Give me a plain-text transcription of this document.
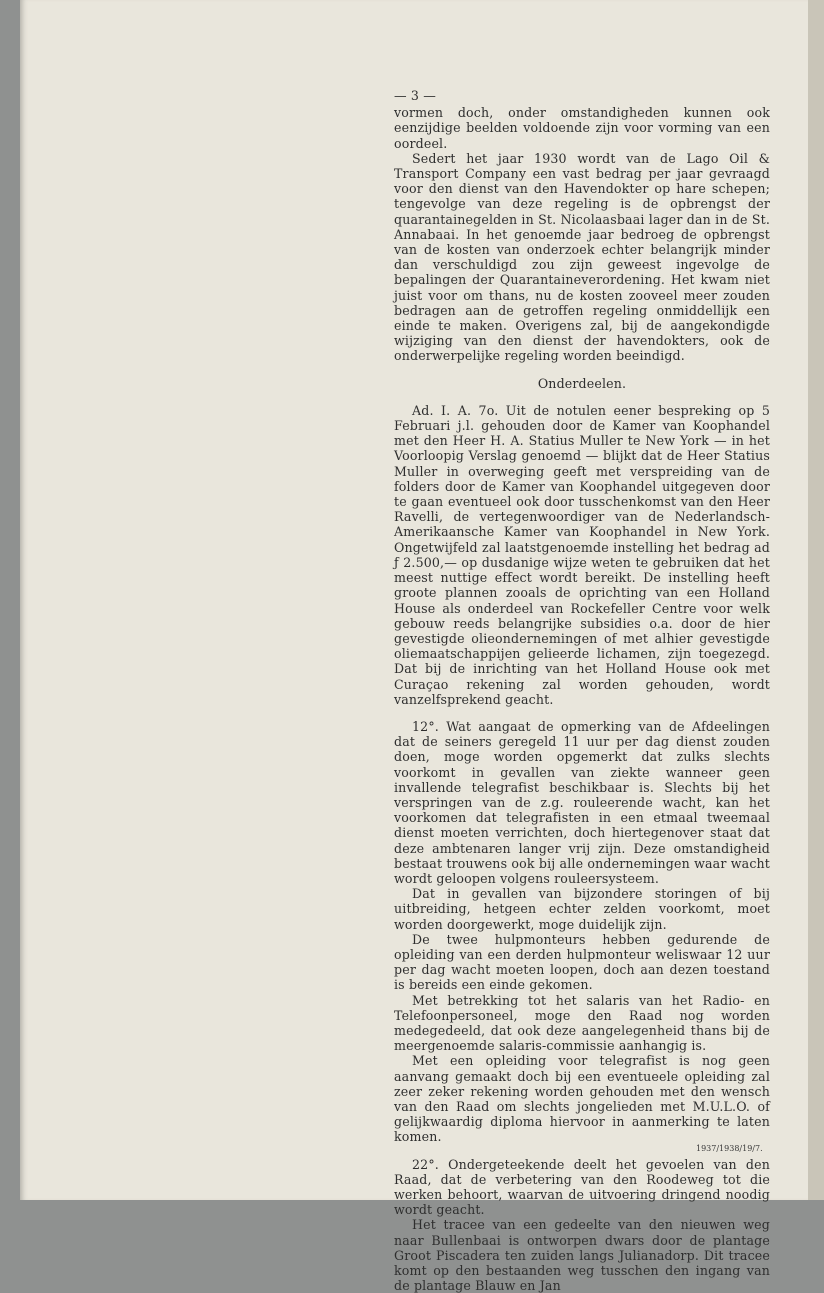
— 3 —

vormen doch, onder omstandigheden kunnen ook eenzijdige beelden voldoende zijn voor vorming van een oordeel.

Sedert het jaar 1930 wordt van de Lago Oil & Transport Company een vast bedrag per jaar gevraagd voor den dienst van den Havendokter op hare schepen; tengevolge van deze regeling is de opbrengst der quarantainegelden in St. Nicolaasbaai lager dan in de St. Annabaai. In het genoemde jaar bedroeg de opbrengst van de kosten van onderzoek echter belangrijk minder dan verschuldigd zou zijn geweest ingevolge de bepalingen der Quarantaineverordening. Het kwam niet juist voor om thans, nu de kosten zooveel meer zouden bedragen aan de getroffen regeling onmiddellijk een einde te maken. Overigens zal, bij de aangekondigde wijziging van den dienst der havendokters, ook de onderwerpelijke regeling worden beeindigd.

Onderdeelen.

Ad. I. A. 7o. Uit de notulen eener bespreking op 5 Februari j.l. gehouden door de Kamer van Koophandel met den Heer H. A. Statius Muller te New York — in het Voorloopig Verslag genoemd — blijkt dat de Heer Statius Muller in overweging geeft met verspreiding van de folders door de Kamer van Koophandel uitgegeven door te gaan eventueel ook door tusschenkomst van den Heer Ravelli, de vertegenwoordiger van de Nederlandsch-Amerikaansche Kamer van Koophandel in New York. Ongetwijfeld zal laatstgenoemde instelling het bedrag ad ƒ 2.500,— op dusdanige wijze weten te gebruiken dat het meest nuttige effect wordt bereikt. De instelling heeft groote plannen zooals de oprichting van een Holland House als onderdeel van Rockefeller Centre voor welk gebouw reeds belangrijke subsidies o.a. door de hier gevestigde olieondernemingen of met alhier gevestigde oliemaatschappijen gelieerde lichamen, zijn toegezegd. Dat bij de inrichting van het Holland House ook met Curaçao rekening zal worden gehouden, wordt vanzelfsprekend geacht.

12°. Wat aangaat de opmerking van de Afdeelingen dat de seiners geregeld 11 uur per dag dienst zouden doen, moge worden opgemerkt dat zulks slechts voorkomt in gevallen van ziekte wanneer geen invallende telegrafist beschikbaar is. Slechts bij het verspringen van de z.g. rouleerende wacht, kan het voorkomen dat telegrafisten in een etmaal tweemaal dienst moeten verrichten, doch hiertegenover staat dat deze ambtenaren langer vrij zijn. Deze omstandigheid bestaat trouwens ook bij alle ondernemingen waar wacht wordt geloopen volgens rouleersysteem.

Dat in gevallen van bijzondere storingen of bij uitbreiding, hetgeen echter zelden voorkomt, moet worden doorgewerkt, moge duidelijk zijn.

De twee hulpmonteurs hebben gedurende de opleiding van een derden hulpmonteur weliswaar 12 uur per dag wacht moeten loopen, doch aan dezen toestand is bereids een einde gekomen.

Met betrekking tot het salaris van het Radio- en Telefoonpersoneel, moge den Raad nog worden medegedeeld, dat ook deze aangelegenheid thans bij de meergenoemde salaris-commissie aanhangig is.

Met een opleiding voor telegrafist is nog geen aanvang gemaakt doch bij een eventueele opleiding zal zeer zeker rekening worden gehouden met den wensch van den Raad om slechts jongelieden met M.U.L.O. of gelijkwaardig diploma hiervoor in aanmerking te laten komen.

22°. Ondergeteekende deelt het gevoelen van den Raad, dat de verbetering van den Roodeweg tot die werken behoort, waarvan de uitvoering dringend noodig wordt geacht.

Het tracee van een gedeelte van den nieuwen weg naar Bullenbaai is ontworpen dwars door de plantage Groot Piscadera ten zuiden langs Julianadorp. Dit tracee komt op den bestaanden weg tusschen den ingang van de plantage Blauw en Jan

1937/1938/19/7.
